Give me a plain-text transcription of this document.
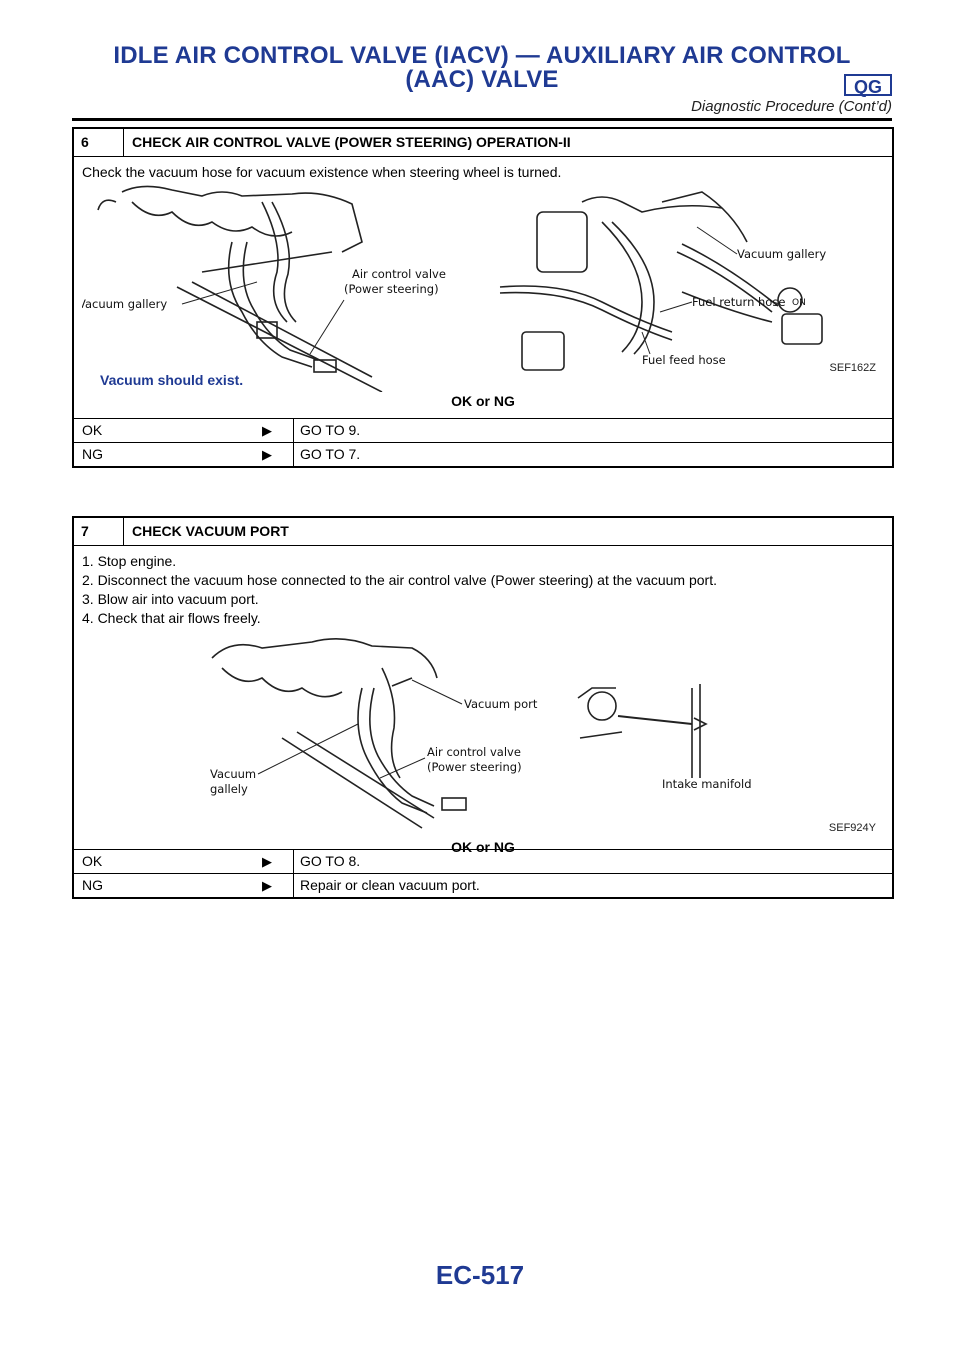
IDLE AIR CONTROL VALVE (IACV) — AUXILIARY AIR CONTROL
(AAC) VALVE	QG
Diagnostic Procedure (Cont’d)
6	CHECK AIR CONTROL VALVE (POWER STEERING) OPERATION-II
Check the vacuum hose for vacuum existence when steering wheel is turned.
Vacuum gallery
Air control valve
(Power steering)
ON
Vacuum gallery
Fuel return hose
Fuel feed hose
Vacuum should exist.
SEF162Z
OK or NG
OK	▶	GO TO 9.
NG	▶	GO TO 7.
7	CHECK VACUUM PORT
1. Stop engine.
2. Disconnect the vacuum hose connected to the air control valve (Power steering) at the vacuum port.
3. Blow air into vacuum port.
4. Check that air flows freely.
Vacuum port
Air control valve
(Power steering)
Vacuum
gallely	Intake manifold
SEF924Y
OK or NG
OK	▶	GO TO 8.
NG	▶	Repair or clean vacuum port.
EC-517
